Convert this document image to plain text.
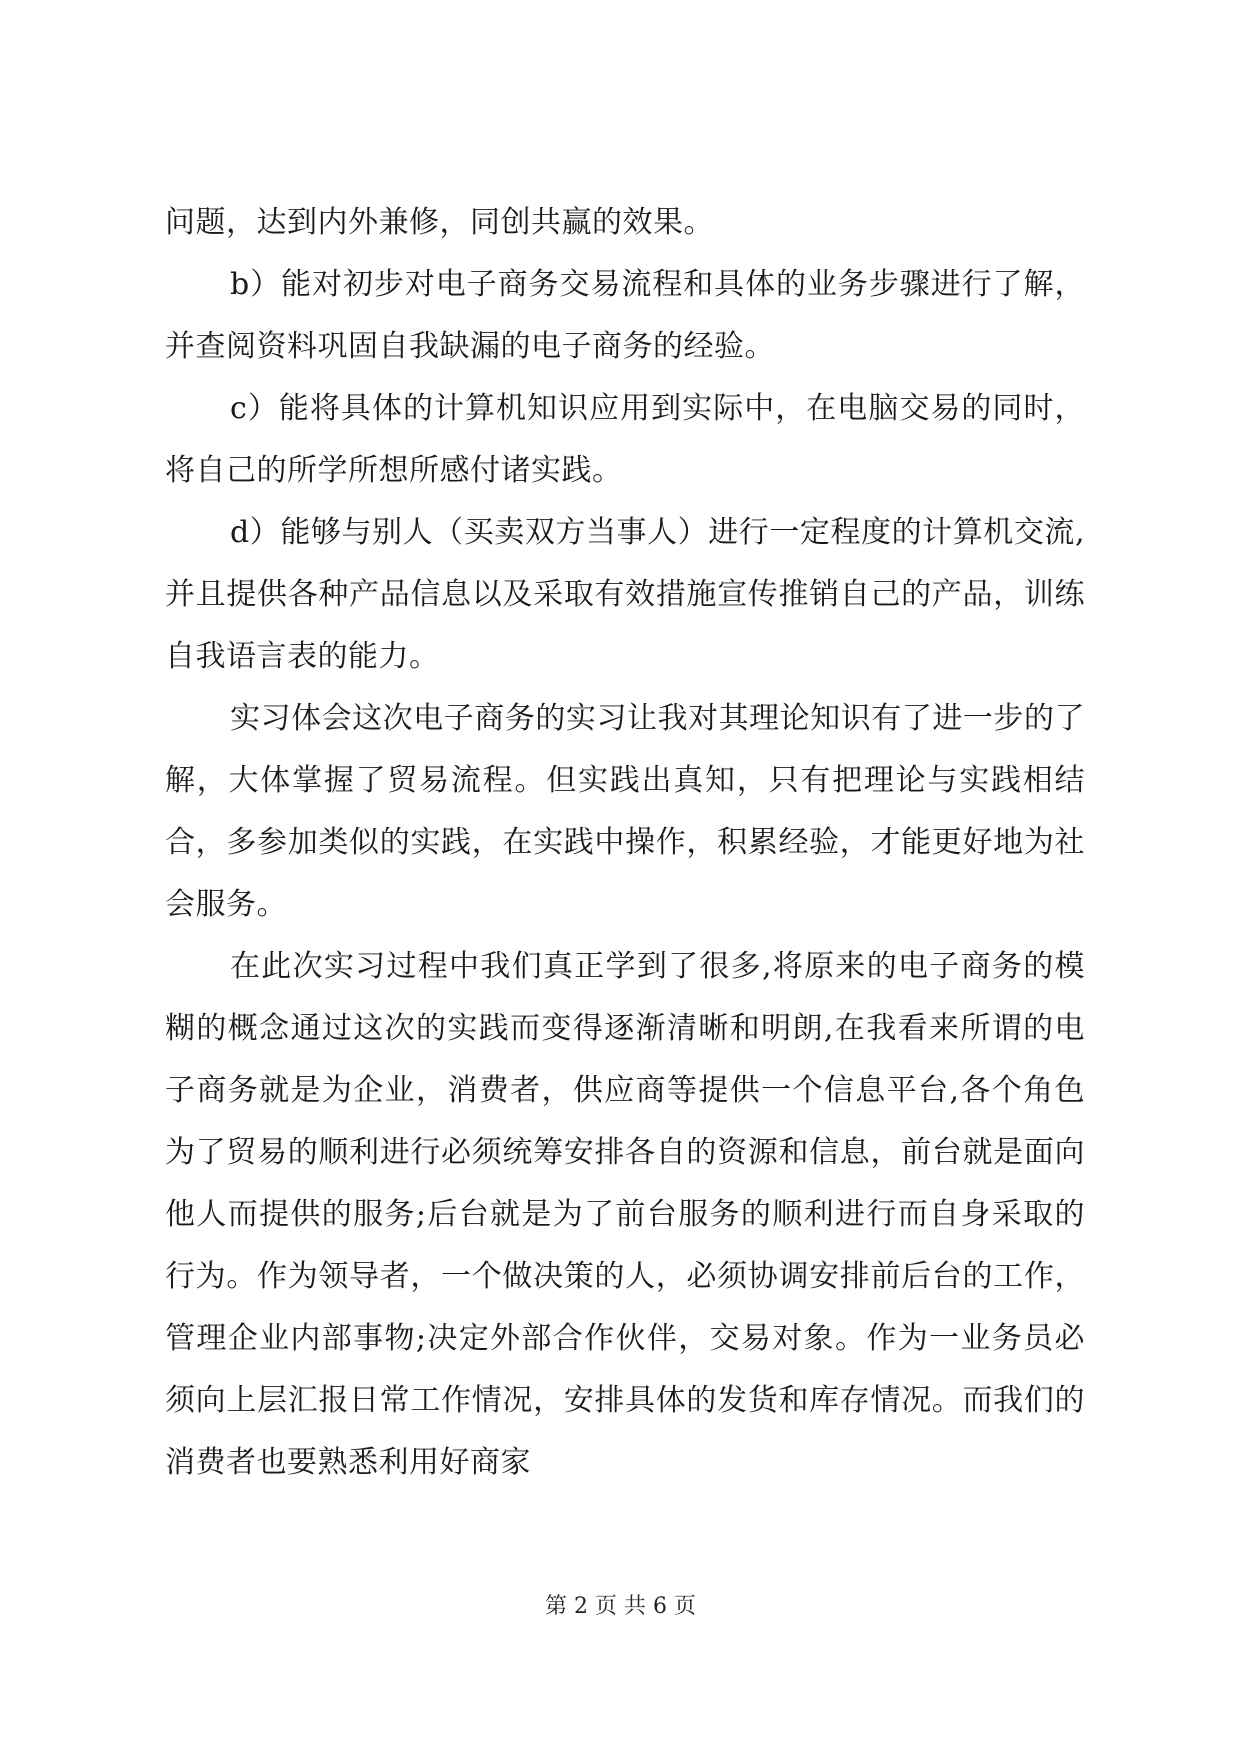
问题，达到内外兼修，同创共赢的效果。

b）能对初步对电子商务交易流程和具体的业务步骤进行了解，并查阅资料巩固自我缺漏的电子商务的经验。

c）能将具体的计算机知识应用到实际中，在电脑交易的同时，将自己的所学所想所感付诸实践。

d）能够与别人（买卖双方当事人）进行一定程度的计算机交流,并且提供各种产品信息以及采取有效措施宣传推销自己的产品，训练自我语言表的能力。

实习体会这次电子商务的实习让我对其理论知识有了进一步的了解，大体掌握了贸易流程。但实践出真知，只有把理论与实践相结合，多参加类似的实践，在实践中操作，积累经验，才能更好地为社会服务。

在此次实习过程中我们真正学到了很多,将原来的电子商务的模糊的概念通过这次的实践而变得逐渐清晰和明朗,在我看来所谓的电子商务就是为企业，消费者，供应商等提供一个信息平台,各个角色为了贸易的顺利进行必须统筹安排各自的资源和信息，前台就是面向他人而提供的服务;后台就是为了前台服务的顺利进行而自身采取的行为。作为领导者，一个做决策的人，必须协调安排前后台的工作，管理企业内部事物;决定外部合作伙伴，交易对象。作为一业务员必须向上层汇报日常工作情况，安排具体的发货和库存情况。而我们的消费者也要熟悉利用好商家

第 2 页 共 6 页
